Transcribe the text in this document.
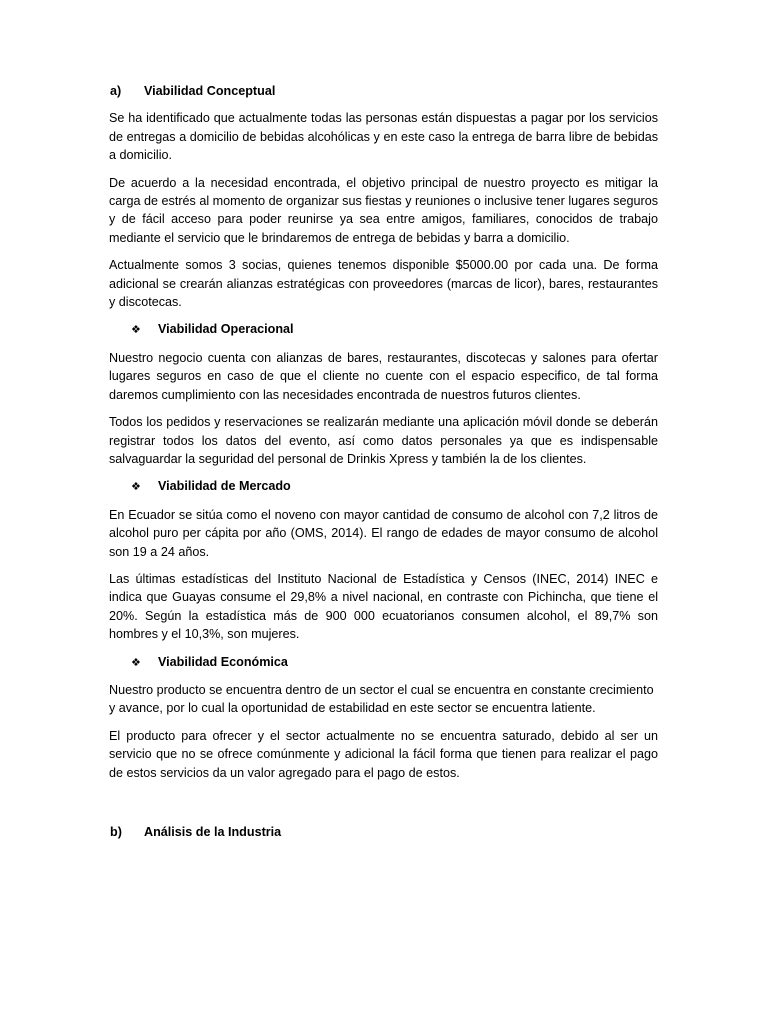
a)	Viabilidad Conceptual

Se ha identificado que actualmente todas las personas están dispuestas a pagar por los servicios de entregas a domicilio de bebidas alcohólicas y en este caso la entrega de barra libre de bebidas a domicilio.

De acuerdo a la necesidad encontrada, el objetivo principal de nuestro proyecto es mitigar la carga de estrés al momento de organizar sus fiestas y reuniones o inclusive tener lugares seguros y de fácil acceso para poder reunirse ya sea entre amigos, familiares, conocidos de trabajo mediante el servicio que le brindaremos de entrega de bebidas y barra a domicilio.

Actualmente somos 3 socias, quienes tenemos disponible $5000.00 por cada una. De forma adicional se crearán alianzas estratégicas con proveedores (marcas de licor), bares, restaurantes y discotecas.

❖	Viabilidad Operacional

Nuestro negocio cuenta con alianzas de bares, restaurantes, discotecas y salones para ofertar lugares seguros en caso de que el cliente no cuente con el espacio especifico, de tal forma daremos cumplimiento con las necesidades encontrada de nuestros futuros clientes.

Todos los pedidos y reservaciones se realizarán mediante una aplicación móvil donde se deberán registrar todos los datos del evento, así como datos personales ya que es indispensable salvaguardar la seguridad del personal de Drinkis Xpress y también la de los clientes.

❖	Viabilidad de Mercado

En Ecuador se sitúa como el noveno con mayor cantidad de consumo de alcohol con 7,2 litros de alcohol puro per cápita por año (OMS, 2014). El rango de edades de mayor consumo de alcohol son 19 a 24 años.

Las últimas estadísticas del Instituto Nacional de Estadística y Censos (INEC, 2014) INEC e indica que Guayas consume el 29,8% a nivel nacional, en contraste con Pichincha, que tiene el 20%. Según la estadística más de 900 000 ecuatorianos consumen alcohol, el 89,7% son hombres y el 10,3%, son mujeres.

❖	Viabilidad Económica

Nuestro producto se encuentra dentro de un sector el cual se encuentra en constante crecimiento y avance, por lo cual la oportunidad de estabilidad en este sector se encuentra latiente.

El producto para ofrecer y el sector actualmente no se encuentra saturado, debido al ser un servicio que no se ofrece comúnmente y adicional la fácil forma que tienen para realizar el pago de estos servicios da un valor agregado para el pago de estos.

b)	Análisis de la Industria
